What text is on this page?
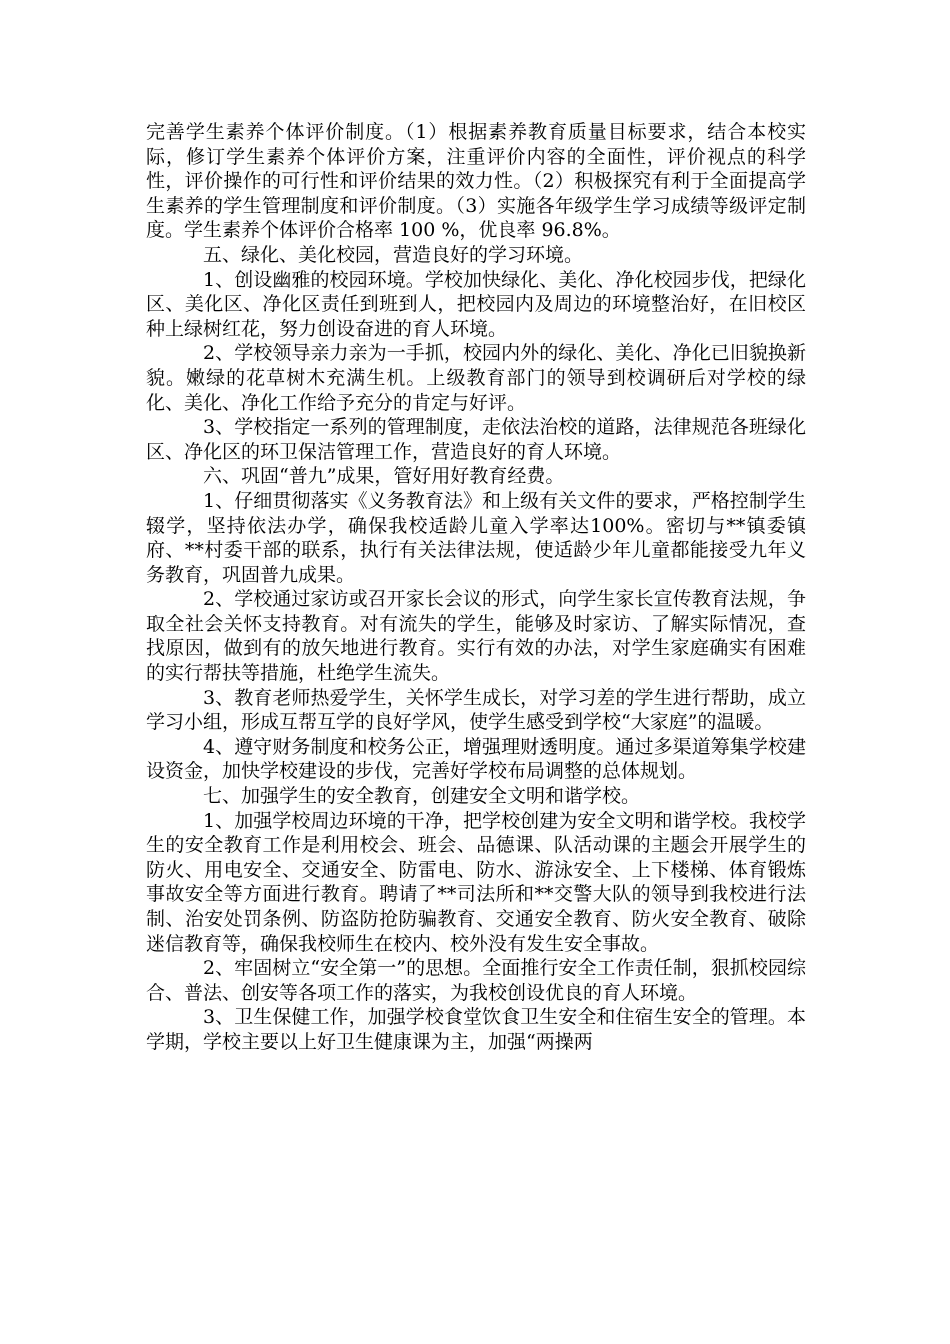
完善学生素养个体评价制度。（1）根据素养教育质量目标要求，结合本校实际，修订学生素养个体评价方案，注重评价内容的全面性，评价视点的科学性，评价操作的可行性和评价结果的效力性。（2）积极探究有利于全面提高学生素养的学生管理制度和评价制度。（3）实施各年级学生学习成绩等级评定制度。学生素养个体评价合格率 100 %，优良率 96.8%。

五、绿化、美化校园，营造良好的学习环境。

1、创设幽雅的校园环境。学校加快绿化、美化、净化校园步伐，把绿化区、美化区、净化区责任到班到人，把校园内及周边的环境整治好，在旧校区种上绿树红花，努力创设奋进的育人环境。

2、学校领导亲力亲为一手抓，校园内外的绿化、美化、净化已旧貌换新貌。嫩绿的花草树木充满生机。上级教育部门的领导到校调研后对学校的绿化、美化、净化工作给予充分的肯定与好评。

3、学校指定一系列的管理制度，走依法治校的道路，法律规范各班绿化区、净化区的环卫保洁管理工作，营造良好的育人环境。

六、巩固“普九”成果，管好用好教育经费。

1、仔细贯彻落实《义务教育法》和上级有关文件的要求，严格控制学生辍学，坚持依法办学，确保我校适龄儿童入学率达100%。密切与**镇委镇府、**村委干部的联系，执行有关法律法规，使适龄少年儿童都能接受九年义务教育，巩固普九成果。

2、学校通过家访或召开家长会议的形式，向学生家长宣传教育法规，争取全社会关怀支持教育。对有流失的学生，能够及时家访、了解实际情况，查找原因，做到有的放矢地进行教育。实行有效的办法，对学生家庭确实有困难的实行帮扶等措施，杜绝学生流失。

3、教育老师热爱学生，关怀学生成长，对学习差的学生进行帮助，成立学习小组，形成互帮互学的良好学风，使学生感受到学校“大家庭”的温暖。

4、遵守财务制度和校务公正，增强理财透明度。通过多渠道筹集学校建设资金，加快学校建设的步伐，完善好学校布局调整的总体规划。

七、加强学生的安全教育，创建安全文明和谐学校。

1、加强学校周边环境的干净，把学校创建为安全文明和谐学校。我校学生的安全教育工作是利用校会、班会、品德课、队活动课的主题会开展学生的防火、用电安全、交通安全、防雷电、防水、游泳安全、上下楼梯、体育锻炼事故安全等方面进行教育。聘请了**司法所和**交警大队的领导到我校进行法制、治安处罚条例、防盗防抢防骗教育、交通安全教育、防火安全教育、破除迷信教育等，确保我校师生在校内、校外没有发生安全事故。

2、牢固树立“安全第一”的思想。全面推行安全工作责任制，狠抓校园综合、普法、创安等各项工作的落实，为我校创设优良的育人环境。

3、卫生保健工作，加强学校食堂饮食卫生安全和住宿生安全的管理。本学期，学校主要以上好卫生健康课为主，加强“两操两
